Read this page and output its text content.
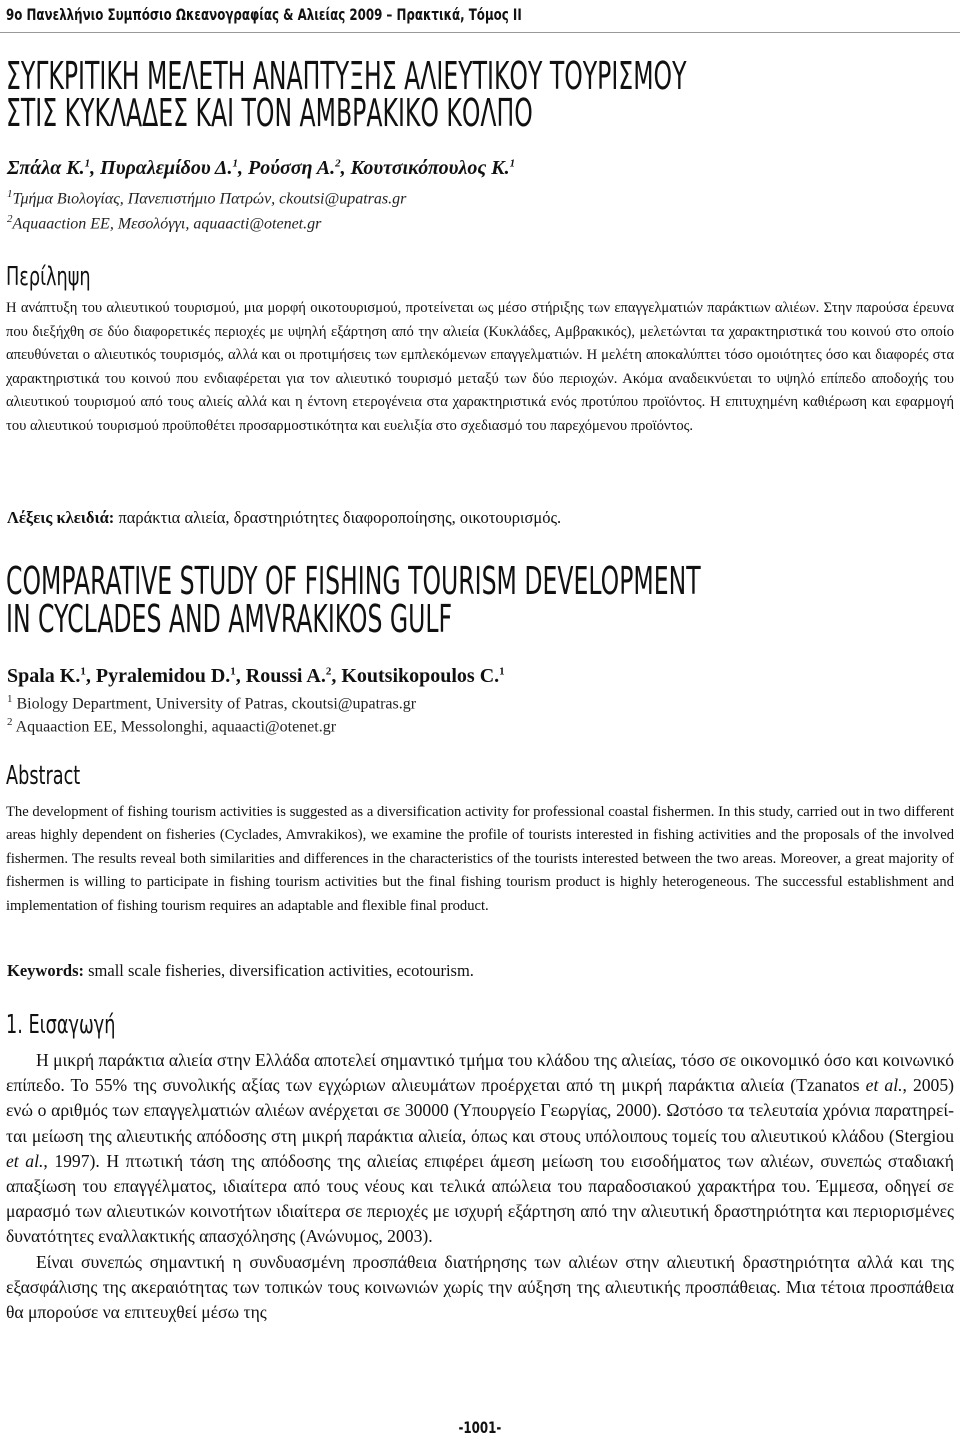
9ο Πανελλήνιο Συμπόσιο Ωκεανογραφίας & Αλιείας 2009 – Πρακτικά, Τόμος ΙΙ
ΣΥΓΚΡΙΤΙΚΗ ΜΕΛΕΤΗ ΑΝΑΠΤΥΞΗΣ ΑΛΙΕΥΤΙΚΟΥ ΤΟΥΡΙΣΜΟΥ
ΣΤΙΣ ΚΥΚΛΑΔΕΣ ΚΑΙ ΤΟΝ ΑΜΒΡΑΚΙΚΟ ΚΟΛΠΟ
Σπάλα Κ.$^1$, Πυραλεμίδου Δ.$^1$, Ρούσση Α.$^2$, Κουτσικόπουλος Κ.$^1$
$^1$Τμήμα Βιολογίας, Πανεπιστήμιο Πατρών, ckoutsi@upatras.gr
$^2$Aquaaction ΕΕ, Μεσολόγγι, aquaacti@otenet.gr
Περίληψη
Η ανάπτυξη του αλιευτικού τουρισμού, μια μορφή οικοτουρισμού, προτείνεται ως μέσο στήριξης των επαγγελματιών παράκτιων αλιέων. Στην παρούσα έρευνα που διεξήχθη σε δύο διαφορετικές περιοχές με υψηλή εξάρτηση από την αλιεία (Κυκλάδες, Αμβρακικός), μελετώνται τα χαρακτηριστικά του κοινού στο οποίο απευθύνεται ο αλιευτικός τουρισμός, αλλά και οι προτιμήσεις των εμπλεκόμενων επαγγελματιών. Η μελέτη αποκαλύπτει τόσο ομοιότητες όσο και διαφορές στα χαρακτηριστικά του κοινού που ενδιαφέρεται για τον αλιευτικό τουρισμό μεταξύ των δύο περιοχών. Ακόμα αναδεικνύεται το υψηλό επίπεδο αποδοχής του αλιευτικού τουρισμού από τους αλιείς αλλά και η έντονη ετερογένεια στα χαρακτηριστικά ενός προτύπου προϊόντος. Η επιτυχημένη καθιέρωση και εφαρμογή του αλιευτικού τουρισμού προϋποθέτει προσαρμοστικότητα και ευελιξία στο σχεδιασμό του παρεχόμενου προϊόντος.
Λέξεις κλειδιά: παράκτια αλιεία, δραστηριότητες διαφοροποίησης, οικοτουρισμός.
COMPARATIVE STUDY OF FISHING TOURISM DEVELOPMENT
IN CYCLADES AND AMVRAKIKOS GULF
Spala K.$^1$, Pyralemidou D.$^1$, Roussi A.$^2$, Koutsikopoulos C.$^1$
$^1$ Biology Department, University of Patras, ckoutsi@upatras.gr
$^2$ Aquaaction EE, Messolonghi, aquaacti@otenet.gr
Abstract
The development of fishing tourism activities is suggested as a diversification activity for professional coastal fishermen. In this study, carried out in two different areas highly dependent on fisheries (Cyclades, Amvrakikos), we examine the profile of tourists interested in fishing activities and the proposals of the involved fishermen. The results reveal both similarities and differences in the characteristics of the tourists interested between the two areas. Moreover, a great majority of fishermen is willing to participate in fishing tourism activities but the final fishing tourism product is highly heterogeneous. The successful establishment and implementation of fishing tourism requires an adaptable and flexible final product.
Keywords: small scale fisheries, diversification activities, ecotourism.
1. Εισαγωγή

Η μικρή παράκτια αλιεία στην Ελλάδα αποτελεί σημαντικό τμήμα του κλάδου της αλιείας, τόσο σε οικονομικό όσο και κοινωνικό επίπεδο. Το 55% της συνολικής αξίας των εγχώριων αλιευμάτων προέρχεται από τη μικρή παράκτια αλιεία (Tzanatos et al., 2005) ενώ ο αριθμός των επαγγελματιών αλιέων ανέρχεται σε 30000 (Υπουργείο Γεωργίας, 2000). Ωστόσο τα τελευταία χρόνια παρατηρείται μείωση της αλιευτικής απόδοσης στη μικρή παράκτια αλιεία, όπως και στους υπόλοιπους τομείς του αλιευτικού κλάδου (Stergiou et al., 1997). Η πτωτική τάση της απόδοσης της αλιείας επιφέρει άμεση μείωση του εισοδήματος των αλιέων, συνεπώς σταδιακή απαξίωση του επαγγέλματος, ιδιαίτερα από τους νέους και τελικά απώλεια του παραδοσιακού χαρακτήρα του. Έμμεσα, οδηγεί σε μαρασμό των αλιευτικών κοινοτήτων ιδιαίτερα σε περιοχές με ισχυρή εξάρτηση από την αλιευτική δραστηριότητα και περιορισμένες δυνατότητες εναλλακτικής απασχόλησης (Ανώνυμος, 2003).

Είναι συνεπώς σημαντική η συνδυασμένη προσπάθεια διατήρησης των αλιέων στην αλιευτική δραστηριότητα αλλά και της εξασφάλισης της ακεραιότητας των τοπικών τους κοινωνιών χωρίς την αύξηση της αλιευτικής προσπάθειας. Μια τέτοια προσπάθεια θα μπορούσε να επιτευχθεί μέσω της

-1001-
